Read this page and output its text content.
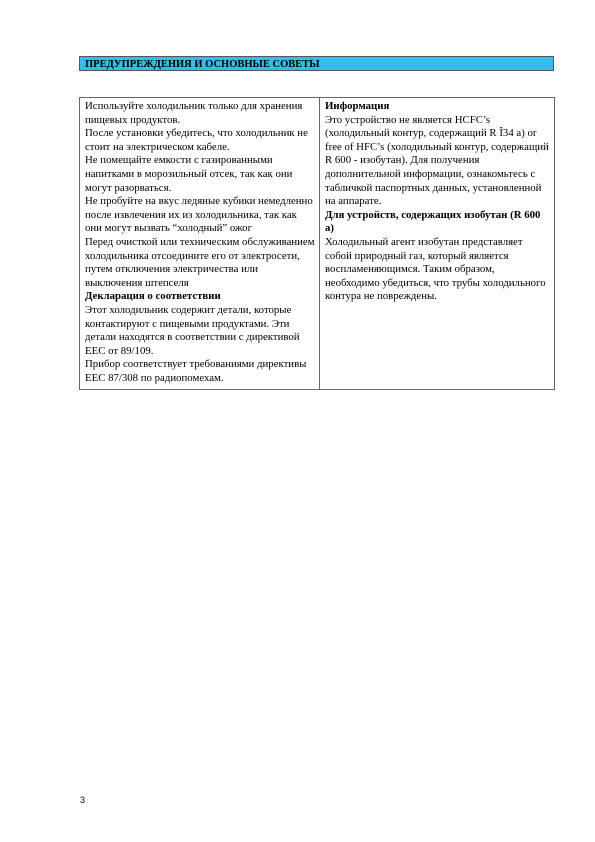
ПРЕДУПРЕЖДЕНИЯ И ОСНОВНЫЕ СОВЕТЫ

Используйте холодильник только для хранения пищевых продуктов.

После установки убедитесь, что холодильник не стоит на электрическом кабеле.

Не помещайте емкости с газированными напитками в морозильный отсек, так как они могут разорваться.

Не пробуйте на вкус ледяные кубики немедленно после извлечения их из холодильника, так как они могут вызвать “холодный” ожог

Перед очисткой или техническим обслуживанием холодильника отсоедините его от электросети, путем отключения электричества или выключения штепселя

Декларация о соответствии

Этот холодильник содержит детали, которые контактируют с пищевыми продуктами. Эти детали находятся в соответствии с директивой ЕЕС от 89/109.

Прибор соответствует требованиями директивы ЕЕС 87/308 по радиопомехам.

Информация

Это устройство не является HCFC’s (холодильный контур, содержащий R Î34 a) or free of HFC’s (холодильный контур, содержащий R 600 - изобутан). Для получения дополнительной информации, ознакомьтесь с табличкой паспортных данных, установленной на аппарате.

Для устройств, содержащих изобутан (R 600 a)

Холодильный агент изобутан представляет собой природный газ, который является воспламеняющимся. Таким образом, необходимо убедиться, что трубы холодильного контура не повреждены.

3
